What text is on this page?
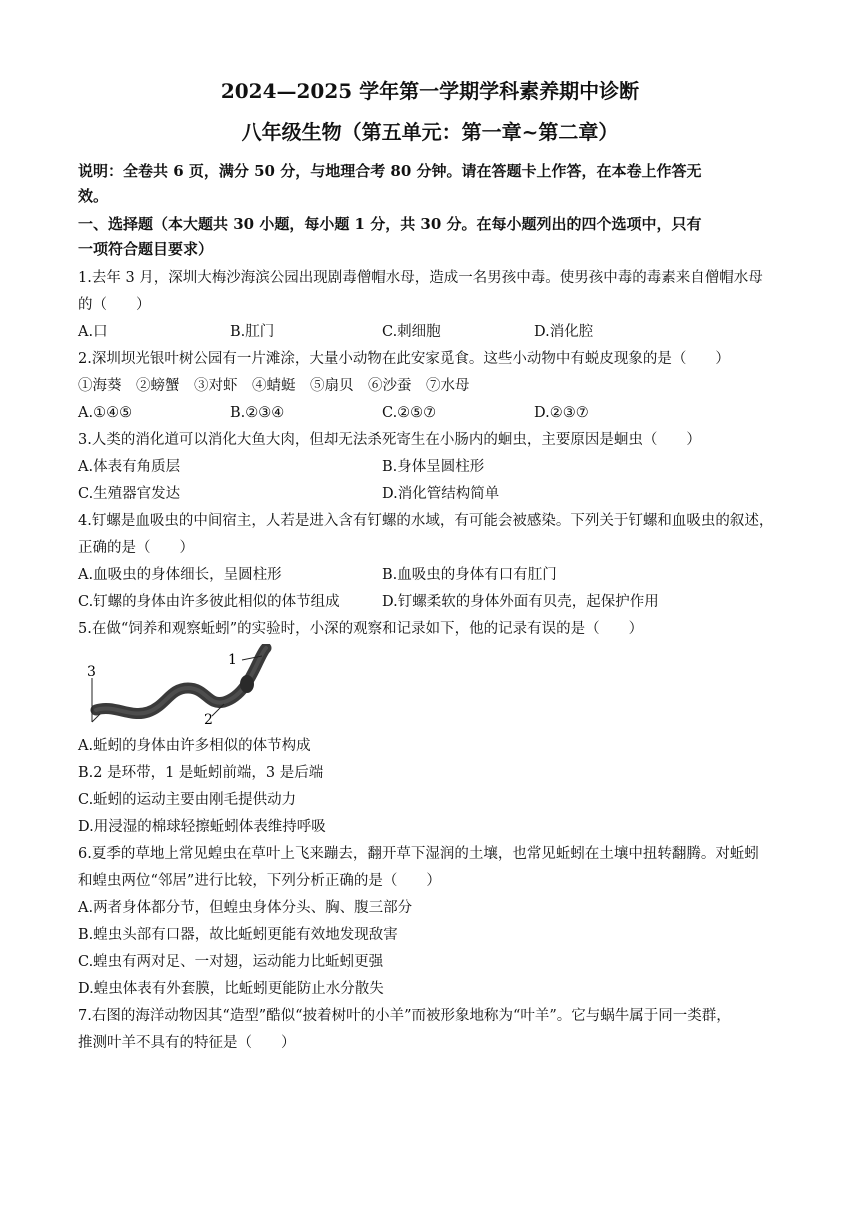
2024—2025 学年第一学期学科素养期中诊断
八年级生物（第五单元：第一章~第二章）
说明：全卷共 6 页，满分 50 分，与地理合考 80 分钟。请在答题卡上作答，在本卷上作答无
效。
一、选择题（本大题共 30 小题，每小题 1 分，共 30 分。在每小题列出的四个选项中，只有
一项符合题目要求）
1.去年 3 月，深圳大梅沙海滨公园出现剧毒僧帽水母，造成一名男孩中毒。使男孩中毒的毒素来自僧帽水母
的（　　）
A.口	B.肛门	C.刺细胞	D.消化腔
2.深圳坝光银叶树公园有一片滩涂，大量小动物在此安家觅食。这些小动物中有蜕皮现象的是（　　）
①海葵　②螃蟹　③对虾　④蜻蜓　⑤扇贝　⑥沙蚕　⑦水母
A.①④⑤	B.②③④	C.②⑤⑦	D.②③⑦
3.人类的消化道可以消化大鱼大肉，但却无法杀死寄生在小肠内的蛔虫，主要原因是蛔虫（　　）
A.体表有角质层	B.身体呈圆柱形
C.生殖器官发达	D.消化管结构简单
4.钉螺是血吸虫的中间宿主，人若是进入含有钉螺的水域，有可能会被感染。下列关于钉螺和血吸虫的叙述，
正确的是（　　）
A.血吸虫的身体细长，呈圆柱形	B.血吸虫的身体有口有肛门
C.钉螺的身体由许多彼此相似的体节组成	D.钉螺柔软的身体外面有贝壳，起保护作用
5.在做“饲养和观察蚯蚓”的实验时，小深的观察和记录如下，他的记录有误的是（　　）
1
2
3
A.蚯蚓的身体由许多相似的体节构成
B.2 是环带，1 是蚯蚓前端，3 是后端
C.蚯蚓的运动主要由刚毛提供动力
D.用浸湿的棉球轻擦蚯蚓体表维持呼吸
6.夏季的草地上常见蝗虫在草叶上飞来蹦去，翻开草下湿润的土壤，也常见蚯蚓在土壤中扭转翻腾。对蚯蚓
和蝗虫两位“邻居”进行比较，下列分析正确的是（　　）
A.两者身体都分节，但蝗虫身体分头、胸、腹三部分
B.蝗虫头部有口器，故比蚯蚓更能有效地发现敌害
C.蝗虫有两对足、一对翅，运动能力比蚯蚓更强
D.蝗虫体表有外套膜，比蚯蚓更能防止水分散失
7.右图的海洋动物因其“造型”酷似“披着树叶的小羊”而被形象地称为“叶羊”。它与蜗牛属于同一类群，
推测叶羊不具有的特征是（　　）
